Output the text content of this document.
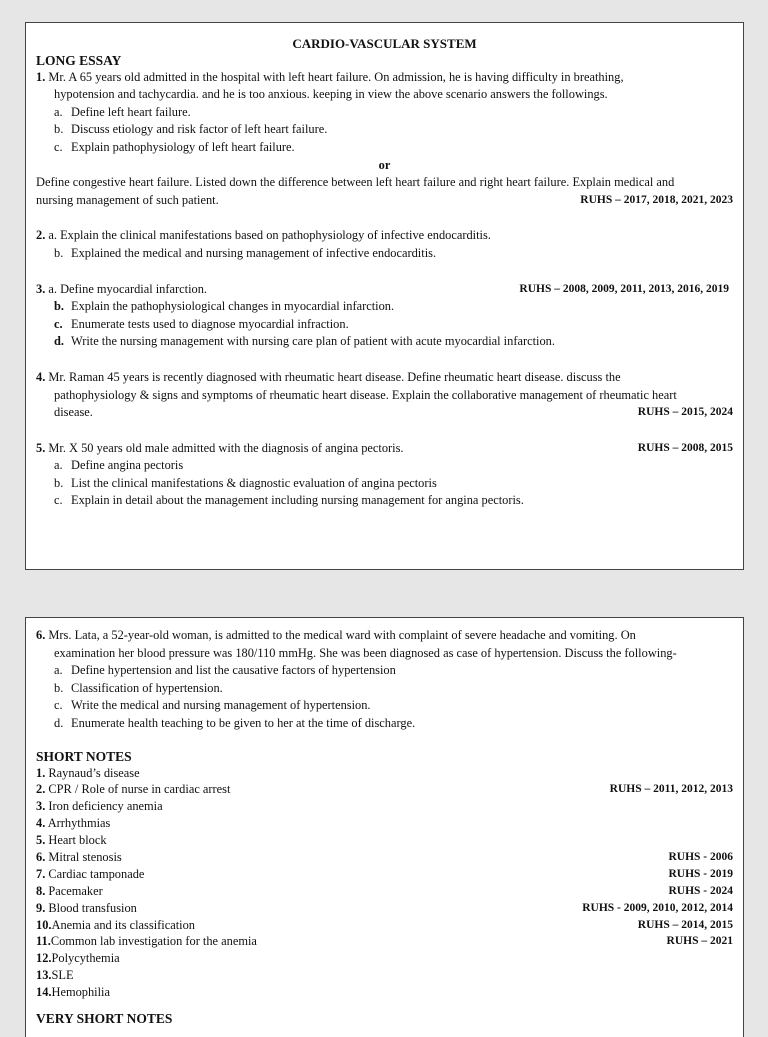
CARDIO-VASCULAR SYSTEM
LONG ESSAY
1. Mr. A 65 years old admitted in the hospital with left heart failure. On admission, he is having difficulty in breathing,
hypotension and tachycardia. and he is too anxious. keeping in view the above scenario answers the followings.
a. Define left heart failure.
b. Discuss etiology and risk factor of left heart failure.
c. Explain pathophysiology of left heart failure.
or
Define congestive heart failure. Listed down the difference between left heart failure and right heart failure. Explain medical and
nursing management of such patient.	RUHS – 2017, 2018, 2021, 2023
2. a. Explain the clinical manifestations based on pathophysiology of infective endocarditis.
b. Explained the medical and nursing management of infective endocarditis.
3. a. Define myocardial infarction.	RUHS – 2008, 2009, 2011, 2013, 2016, 2019
b. Explain the pathophysiological changes in myocardial infarction.
c. Enumerate tests used to diagnose myocardial infraction.
d. Write the nursing management with nursing care plan of patient with acute myocardial infarction.
4. Mr. Raman 45 years is recently diagnosed with rheumatic heart disease. Define rheumatic heart disease. discuss the
pathophysiology & signs and symptoms of rheumatic heart disease. Explain the collaborative management of rheumatic heart
disease.	RUHS – 2015, 2024
5. Mr. X 50 years old male admitted with the diagnosis of angina pectoris.	RUHS – 2008, 2015
a. Define angina pectoris
b. List the clinical manifestations & diagnostic evaluation of angina pectoris
c. Explain in detail about the management including nursing management for angina pectoris.
6. Mrs. Lata, a 52-year-old woman, is admitted to the medical ward with complaint of severe headache and vomiting. On
examination her blood pressure was 180/110 mmHg. She was been diagnosed as case of hypertension. Discuss the following-
a. Define hypertension and list the causative factors of hypertension
b. Classification of hypertension.
c. Write the medical and nursing management of hypertension.
d. Enumerate health teaching to be given to her at the time of discharge.
SHORT NOTES
1. Raynaud’s disease
2. CPR / Role of nurse in cardiac arrest	RUHS – 2011, 2012, 2013
3. Iron deficiency anemia
4. Arrhythmias
5. Heart block
6. Mitral stenosis	RUHS - 2006
7. Cardiac tamponade	RUHS - 2019
8. Pacemaker	RUHS - 2024
9. Blood transfusion	RUHS - 2009, 2010, 2012, 2014
10.Anemia and its classification	RUHS – 2014, 2015
11.Common lab investigation for the anemia	RUHS – 2021
12.Polycythemia
13.SLE
14.Hemophilia
VERY SHORT NOTES
